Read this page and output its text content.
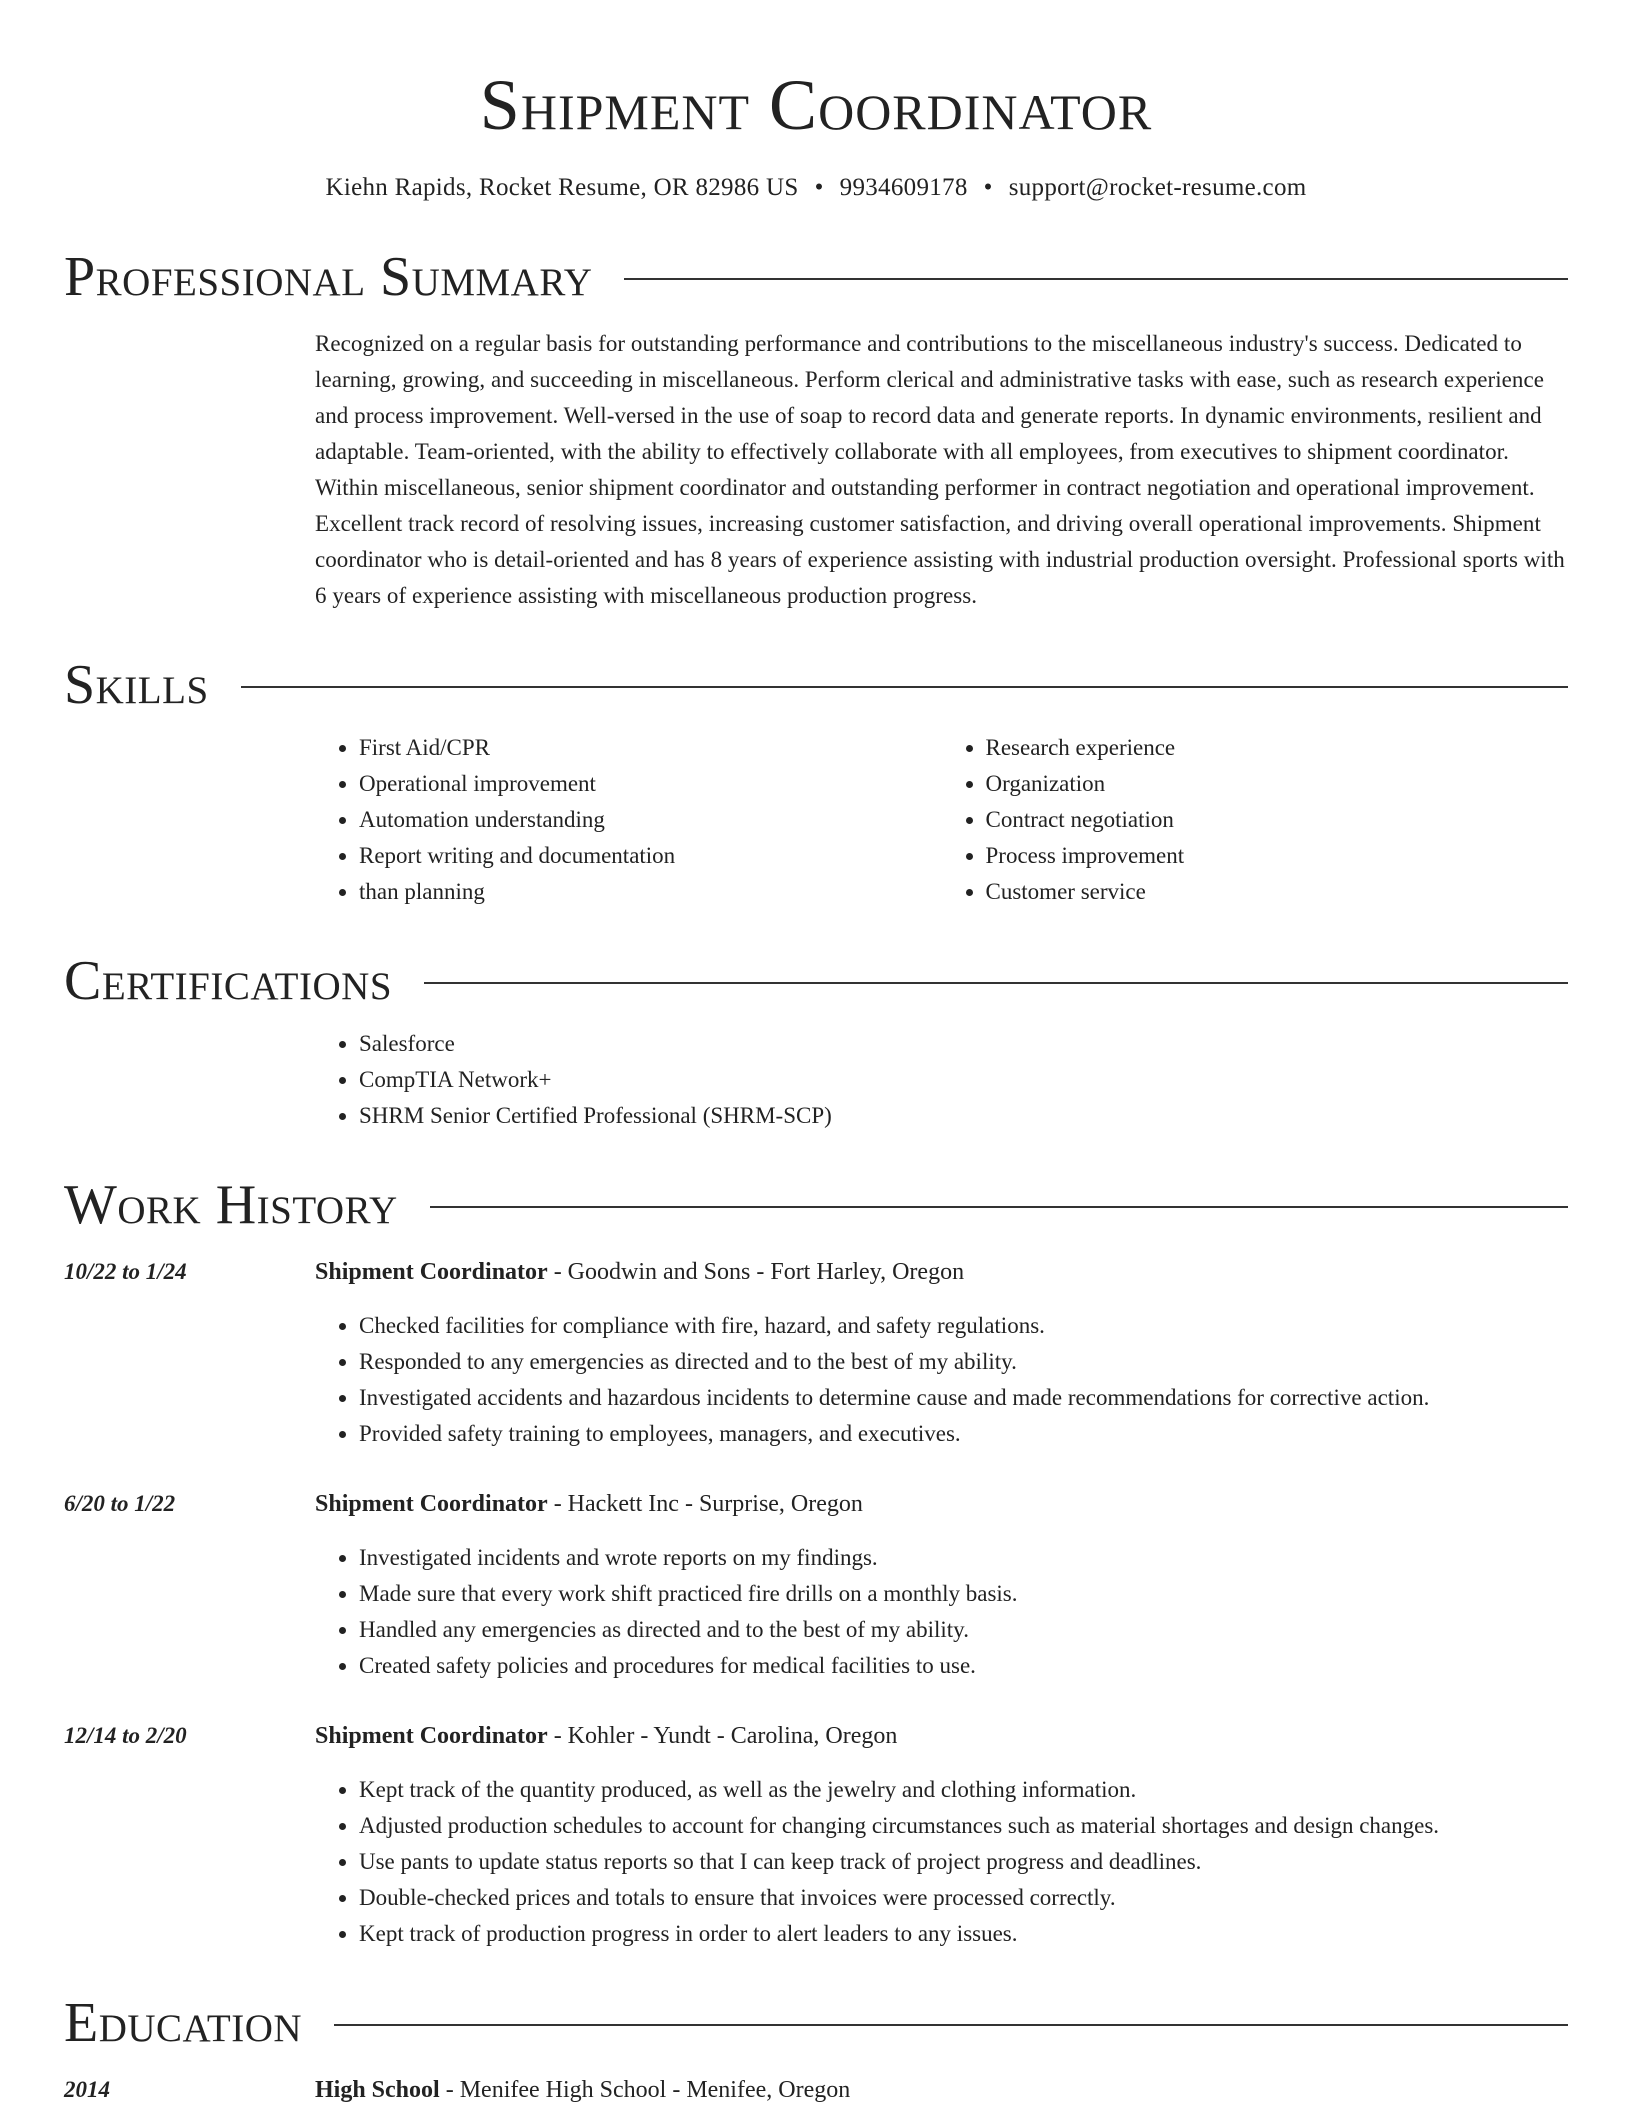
Shipment Coordinator
Kiehn Rapids, Rocket Resume, OR 82986 US • 9934609178 • support@rocket-resume.com
Professional Summary
Recognized on a regular basis for outstanding performance and contributions to the miscellaneous industry's success. Dedicated to learning, growing, and succeeding in miscellaneous. Perform clerical and administrative tasks with ease, such as research experience and process improvement. Well-versed in the use of soap to record data and generate reports. In dynamic environments, resilient and adaptable. Team-oriented, with the ability to effectively collaborate with all employees, from executives to shipment coordinator. Within miscellaneous, senior shipment coordinator and outstanding performer in contract negotiation and operational improvement. Excellent track record of resolving issues, increasing customer satisfaction, and driving overall operational improvements. Shipment coordinator who is detail-oriented and has 8 years of experience assisting with industrial production oversight. Professional sports with 6 years of experience assisting with miscellaneous production progress.
Skills
• First Aid/CPR
• Operational improvement
• Automation understanding
• Report writing and documentation
• than planning
• Research experience
• Organization
• Contract negotiation
• Process improvement
• Customer service
Certifications
• Salesforce
• CompTIA Network+
• SHRM Senior Certified Professional (SHRM-SCP)
Work History
10/22 to 1/24	Shipment Coordinator - Goodwin and Sons - Fort Harley, Oregon
• Checked facilities for compliance with fire, hazard, and safety regulations.
• Responded to any emergencies as directed and to the best of my ability.
• Investigated accidents and hazardous incidents to determine cause and made recommendations for corrective action.
• Provided safety training to employees, managers, and executives.
6/20 to 1/22	Shipment Coordinator - Hackett Inc - Surprise, Oregon
• Investigated incidents and wrote reports on my findings.
• Made sure that every work shift practiced fire drills on a monthly basis.
• Handled any emergencies as directed and to the best of my ability.
• Created safety policies and procedures for medical facilities to use.
12/14 to 2/20	Shipment Coordinator - Kohler - Yundt - Carolina, Oregon
• Kept track of the quantity produced, as well as the jewelry and clothing information.
• Adjusted production schedules to account for changing circumstances such as material shortages and design changes.
• Use pants to update status reports so that I can keep track of project progress and deadlines.
• Double-checked prices and totals to ensure that invoices were processed correctly.
• Kept track of production progress in order to alert leaders to any issues.
Education
2014	High School - Menifee High School - Menifee, Oregon
